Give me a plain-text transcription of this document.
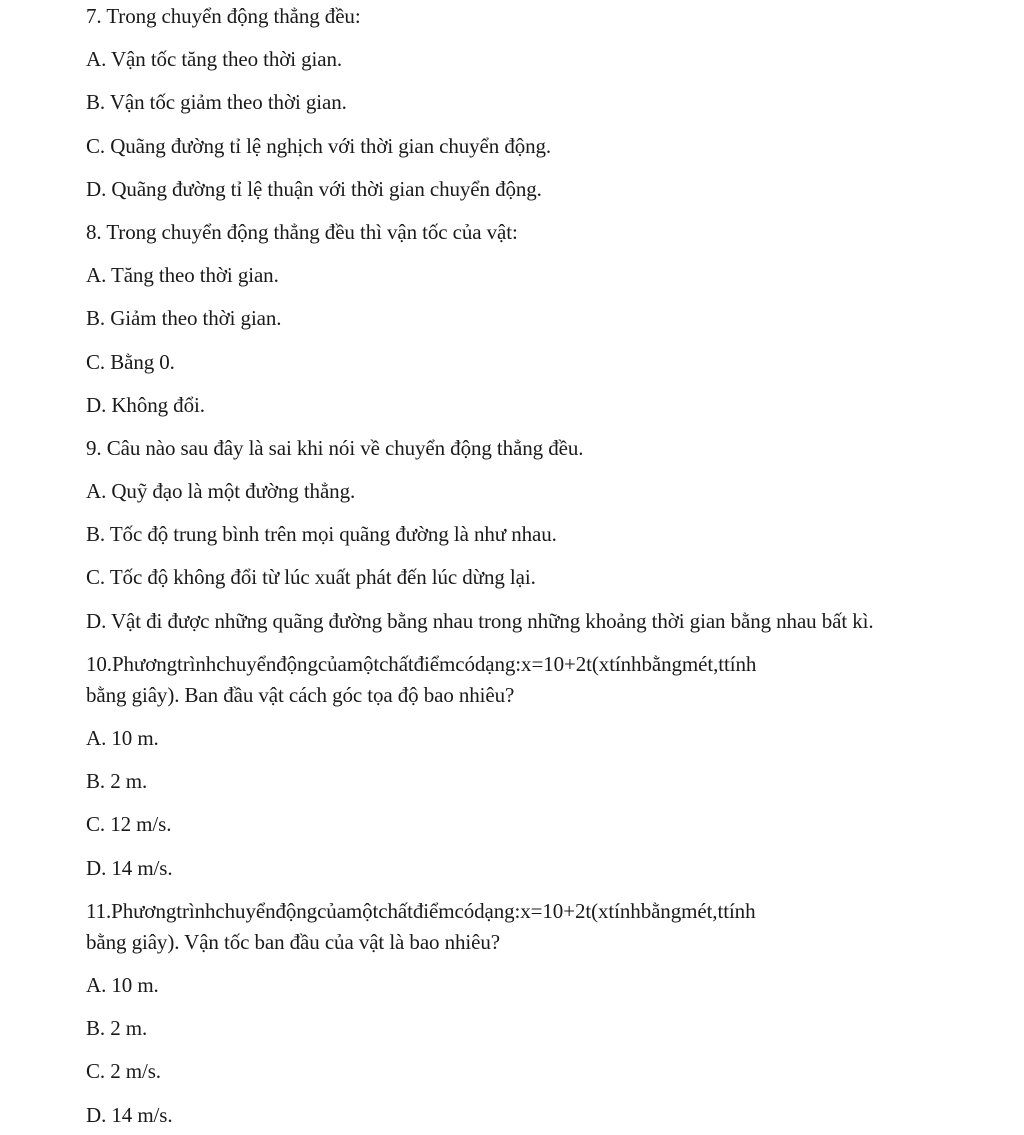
7. Trong chuyển động thẳng đều:
A. Vận tốc tăng theo thời gian.
B. Vận tốc giảm theo thời gian.
C. Quãng đường tỉ lệ nghịch với thời gian chuyển động.
D. Quãng đường tỉ lệ thuận với thời gian chuyển động.
8. Trong chuyển động thẳng đều thì vận tốc của vật:
A. Tăng theo thời gian.
B. Giảm theo thời gian.
C. Bằng 0.
D. Không đổi.
9. Câu nào sau đây là sai khi nói về chuyển động thẳng đều.
A. Quỹ đạo là một đường thẳng.
B. Tốc độ trung bình trên mọi quãng đường là như nhau.
C. Tốc độ không đổi từ lúc xuất phát đến lúc dừng lại.
D. Vật đi được những quãng đường bằng nhau trong những khoảng thời gian bằng nhau bất kì.
10.Phươngtrìnhchuyểnđộngcủamộtchấtđiểmcódạng:x=10+2t(xtínhbằngmét,ttính
bằng giây). Ban đầu vật cách góc tọa độ bao nhiêu?
A. 10 m.
B. 2 m.
C. 12 m/s.
D. 14 m/s.
11.Phươngtrìnhchuyểnđộngcủamộtchấtđiểmcódạng:x=10+2t(xtínhbằngmét,ttính
bằng giây). Vận tốc ban đầu của vật là bao nhiêu?
A. 10 m.
B. 2 m.
C. 2 m/s.
D. 14 m/s.
